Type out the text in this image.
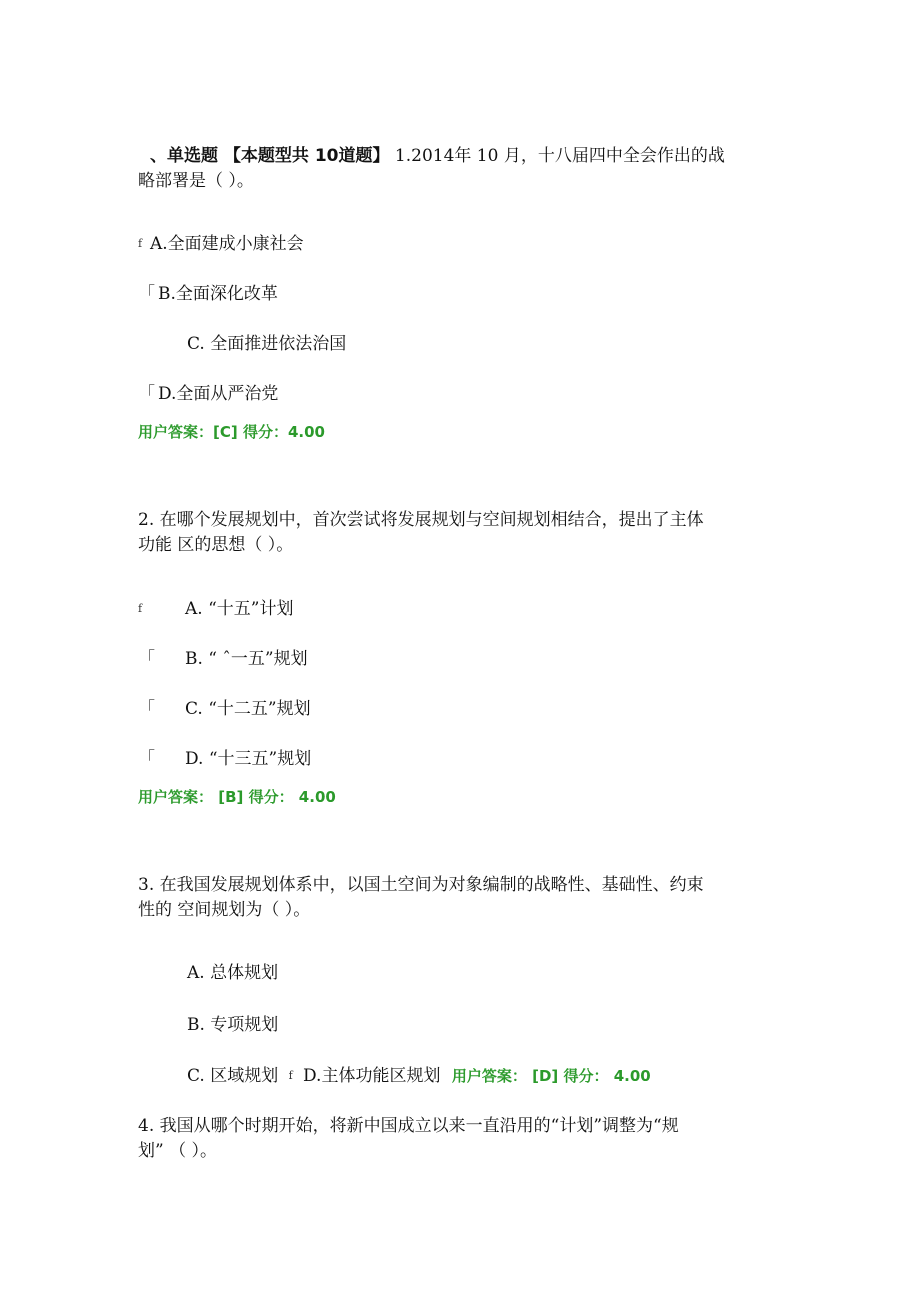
、单选题 【本题型共 10道题】 1.2014年 10 月，十八届四中全会作出的战
略部署是（ ）。
f A.全面建成小康社会
「 B.全面深化改革
C. 全面推进依法治国
「 D.全面从严治党
用户答案：[C] 得分：4.00
2. 在哪个发展规划中，首次尝试将发展规划与空间规划相结合，提出了主体
功能 区的思想（ ）。
f	A. “十五”计划
「 B. “ ˆ一五”规划
「 C. “十二五”规划
「 D. “十三五”规划
用户答案： [B] 得分： 4.00
3. 在我国发展规划体系中，以国土空间为对象编制的战略性、基础性、约束
性的 空间规划为（ ）。
A. 总体规划
B. 专项规划
C. 区域规划 f D.主体功能区规划 用户答案： [D] 得分： 4.00
4. 我国从哪个时期开始，将新中国成立以来一直沿用的“计划”调整为“规
划” （ ）。
